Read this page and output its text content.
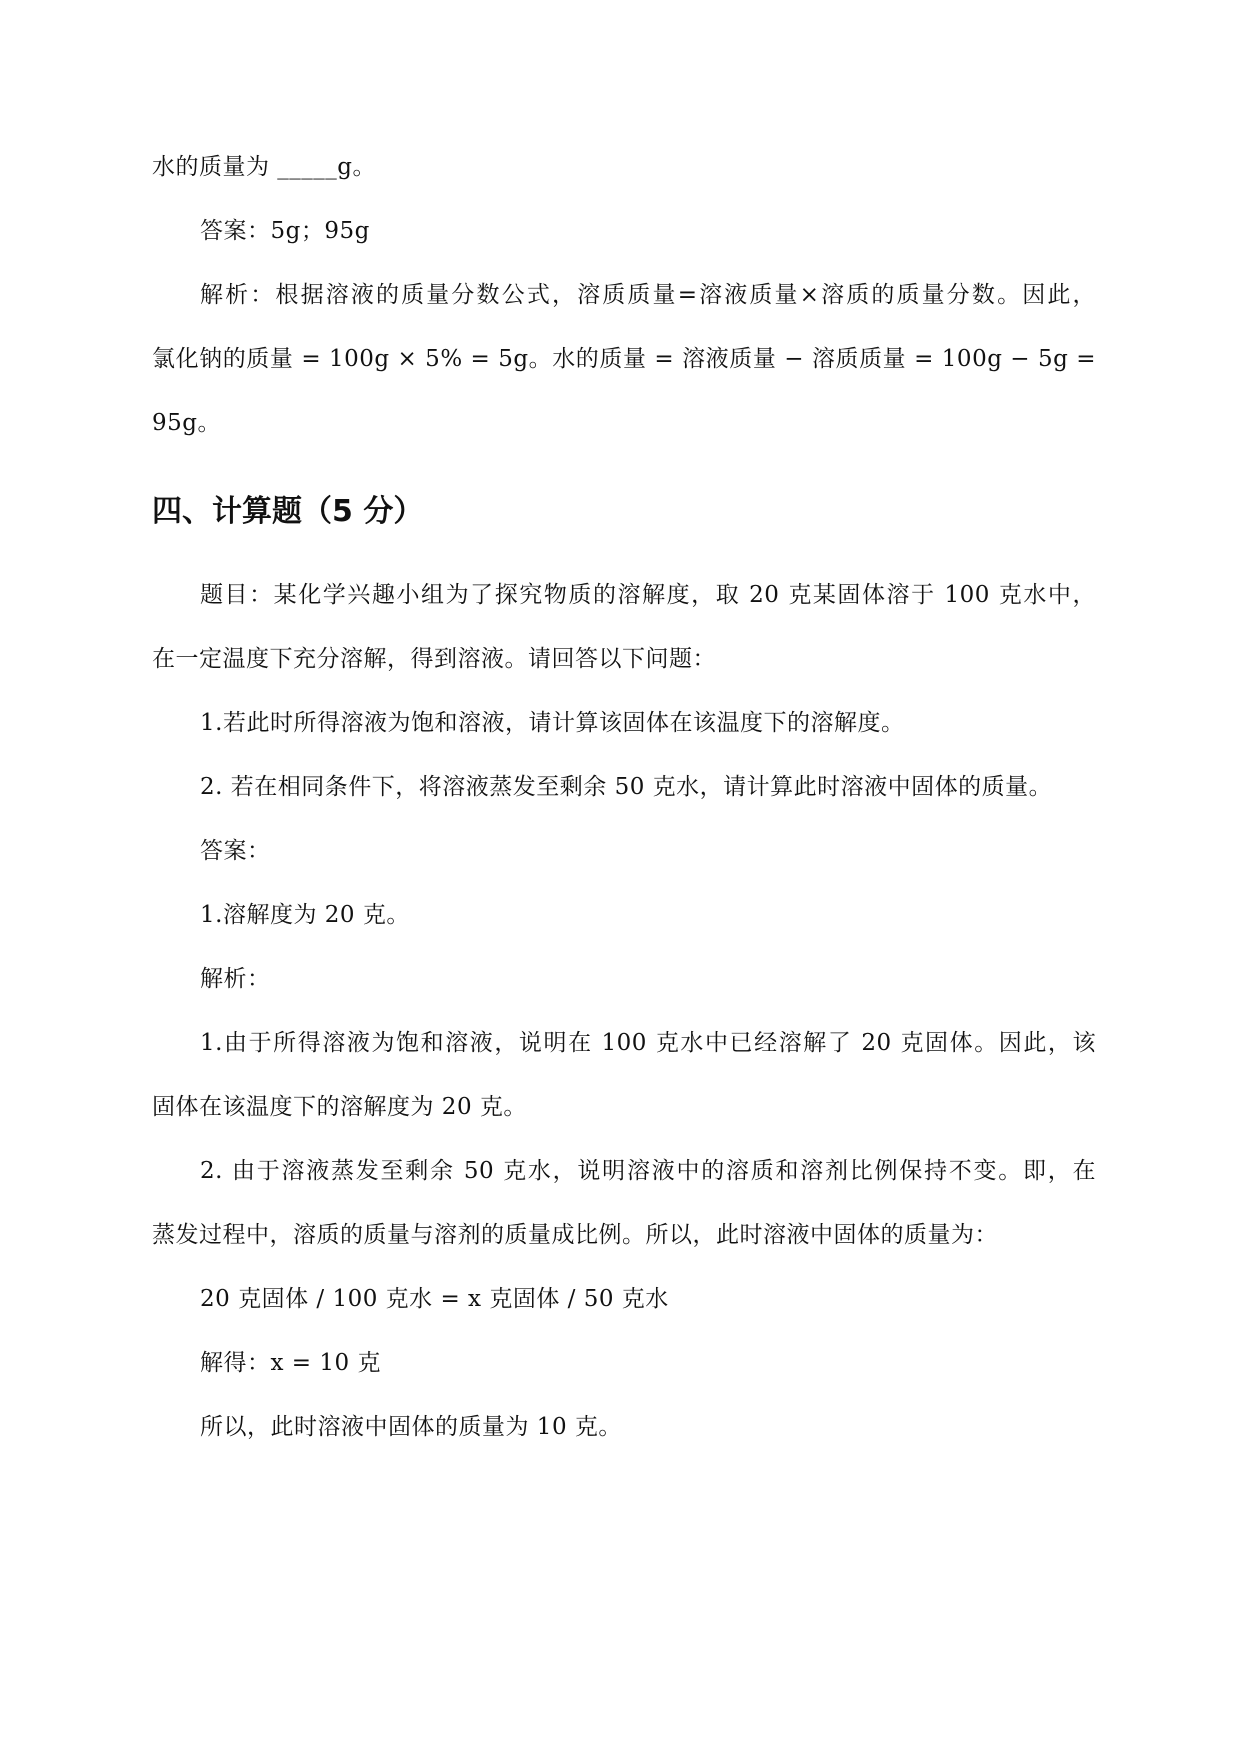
水的质量为 _____g。
答案：5g；95g
解析：根据溶液的质量分数公式，溶质质量=溶液质量×溶质的质量分数。因此，
氯化钠的质量 = 100g × 5% = 5g。水的质量 = 溶液质量 − 溶质质量 = 100g − 5g =
95g。
四、计算题（5 分）
题目：某化学兴趣小组为了探究物质的溶解度，取 20 克某固体溶于 100 克水中，
在一定温度下充分溶解，得到溶液。请回答以下问题：
1.若此时所得溶液为饱和溶液，请计算该固体在该温度下的溶解度。
2. 若在相同条件下，将溶液蒸发至剩余 50 克水，请计算此时溶液中固体的质量。
答案：
1.溶解度为 20 克。
解析：
1.由于所得溶液为饱和溶液，说明在 100 克水中已经溶解了 20 克固体。因此，该
固体在该温度下的溶解度为 20 克。
2. 由于溶液蒸发至剩余 50 克水，说明溶液中的溶质和溶剂比例保持不变。即，在
蒸发过程中，溶质的质量与溶剂的质量成比例。所以，此时溶液中固体的质量为：
20 克固体 / 100 克水 = x 克固体 / 50 克水
解得：x = 10 克
所以，此时溶液中固体的质量为 10 克。
